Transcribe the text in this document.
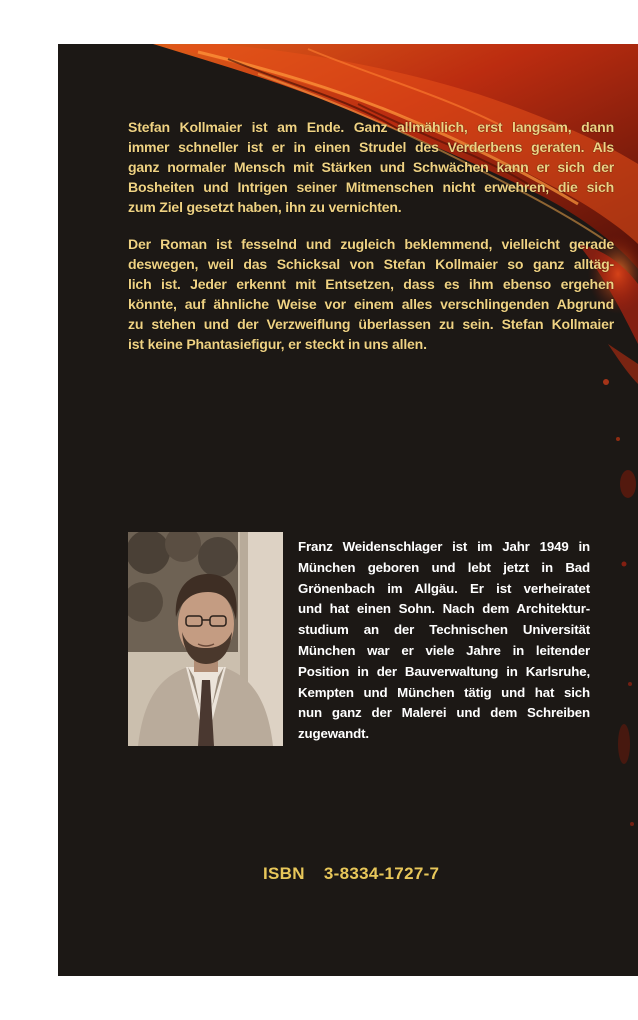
Stefan Kollmaier ist am Ende. Ganz allmählich, erst langsam, dann
immer schneller ist er in einen Strudel des Verderbens geraten. Als
ganz normaler Mensch mit Stärken und Schwächen kann er sich der
Bosheiten und Intrigen seiner Mitmenschen nicht erwehren, die sich
zum Ziel gesetzt haben, ihn zu vernichten.
Der Roman ist fesselnd und zugleich beklemmend, vielleicht gerade
deswegen, weil das Schicksal von Stefan Kollmaier so ganz alltäg-
lich ist. Jeder erkennt mit Entsetzen, dass es ihm ebenso ergehen
könnte, auf ähnliche Weise vor einem alles verschlingenden Abgrund
zu stehen und der Verzweiflung überlassen zu sein. Stefan Kollmaier
ist keine Phantasiefigur, er steckt in uns allen.
Franz Weidenschlager ist im Jahr 1949 in
München geboren und lebt jetzt in Bad
Grönenbach im Allgäu. Er ist verheiratet
und hat einen Sohn. Nach dem Architektur-
studium an der Technischen Universität
München war er viele Jahre in leitender
Position in der Bauverwaltung in Karlsruhe,
Kempten und München tätig und hat sich
nun ganz der Malerei und dem Schreiben
zugewandt.
ISBN 3-8334-1727-7
